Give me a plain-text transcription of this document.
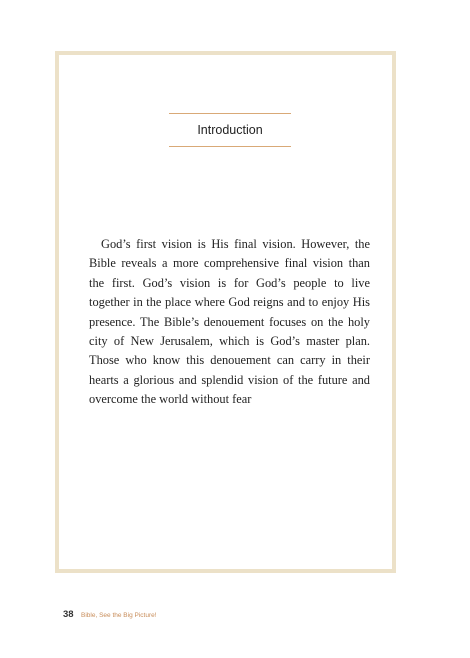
Introduction

God’s first vision is His final vision. However, the Bible reveals a more comprehensive final vision than the first. God’s vision is for God’s people to live together in the place where God reigns and to enjoy His presence. The Bible’s denouement focuses on the holy city of New Jerusalem, which is God’s master plan. Those who know this denouement can carry in their hearts a glorious and splendid vision of the future and overcome the world without fear

38 Bible, See the Big Picture!
